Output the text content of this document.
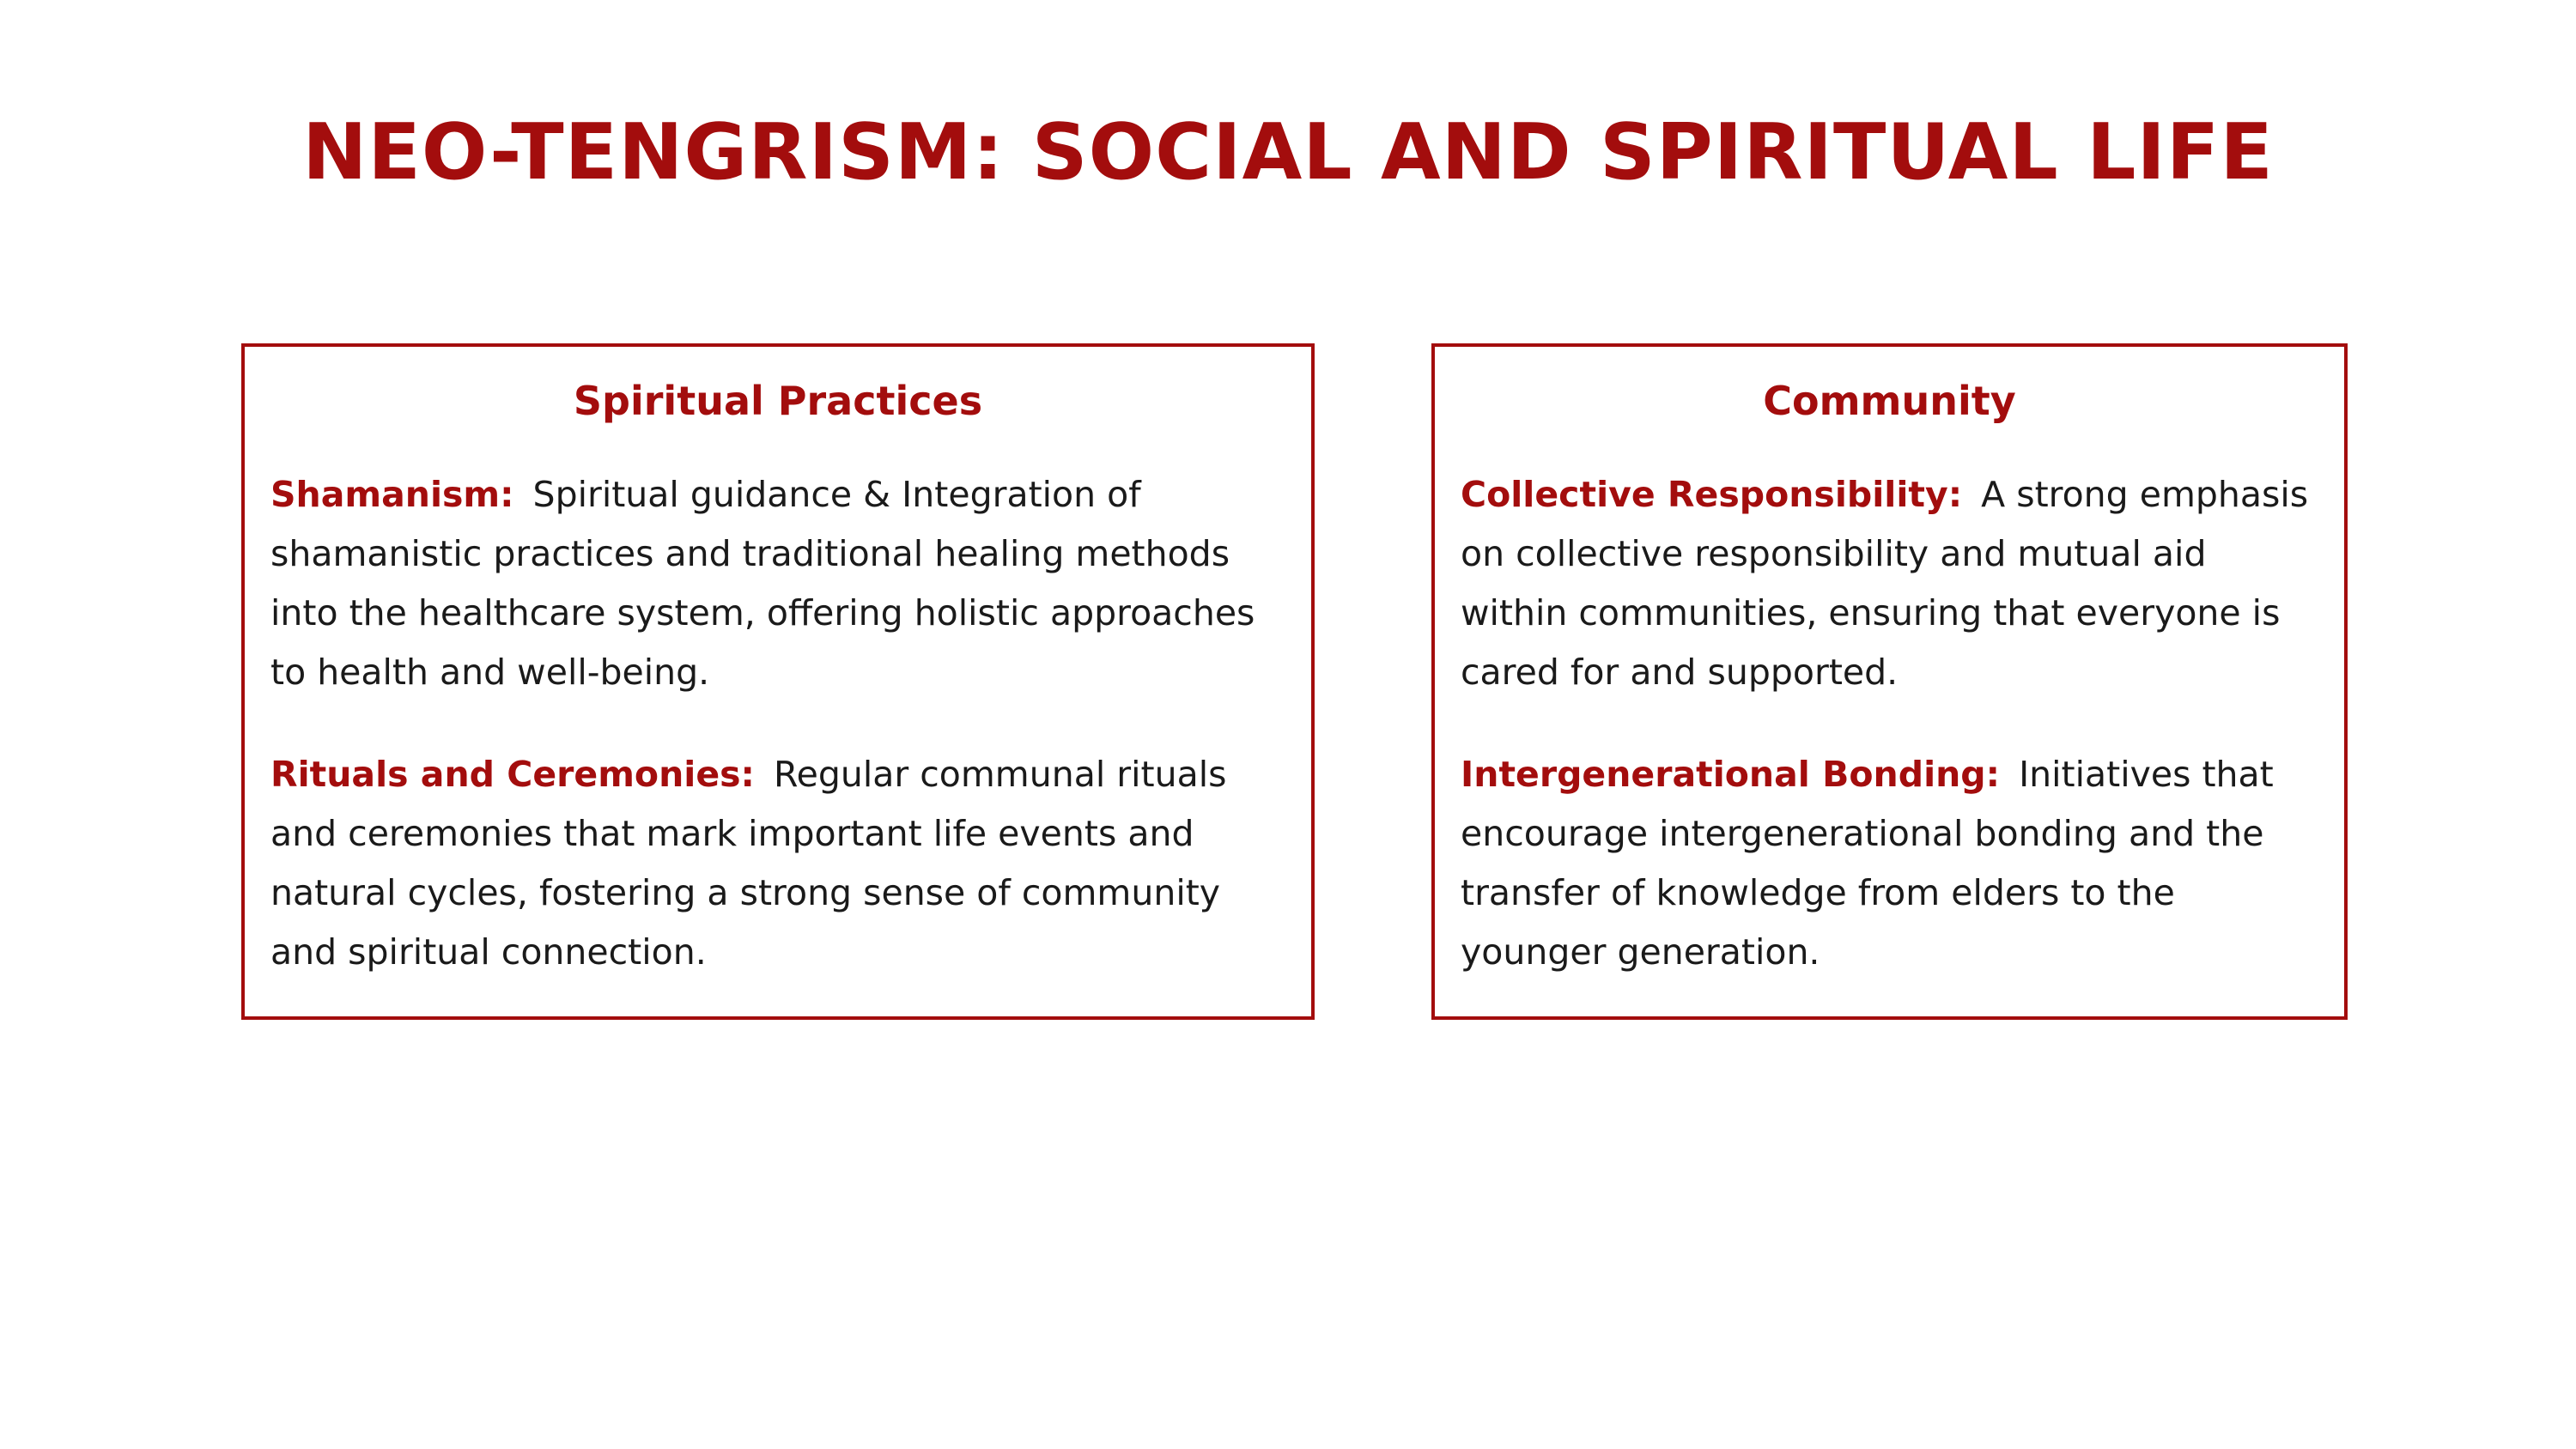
NEO-TENGRISM: SOCIAL AND SPIRITUAL LIFE
Spiritual Practices

Shamanism: Spiritual guidance & Integration of shamanistic practices and traditional healing methods into the healthcare system, offering holistic approaches to health and well-being.

Rituals and Ceremonies: Regular communal rituals and ceremonies that mark important life events and natural cycles, fostering a strong sense of community and spiritual connection.

Community

Collective Responsibility: A strong emphasis on collective responsibility and mutual aid within communities, ensuring that everyone is cared for and supported.

Intergenerational Bonding: Initiatives that encourage intergenerational bonding and the transfer of knowledge from elders to the younger generation.
